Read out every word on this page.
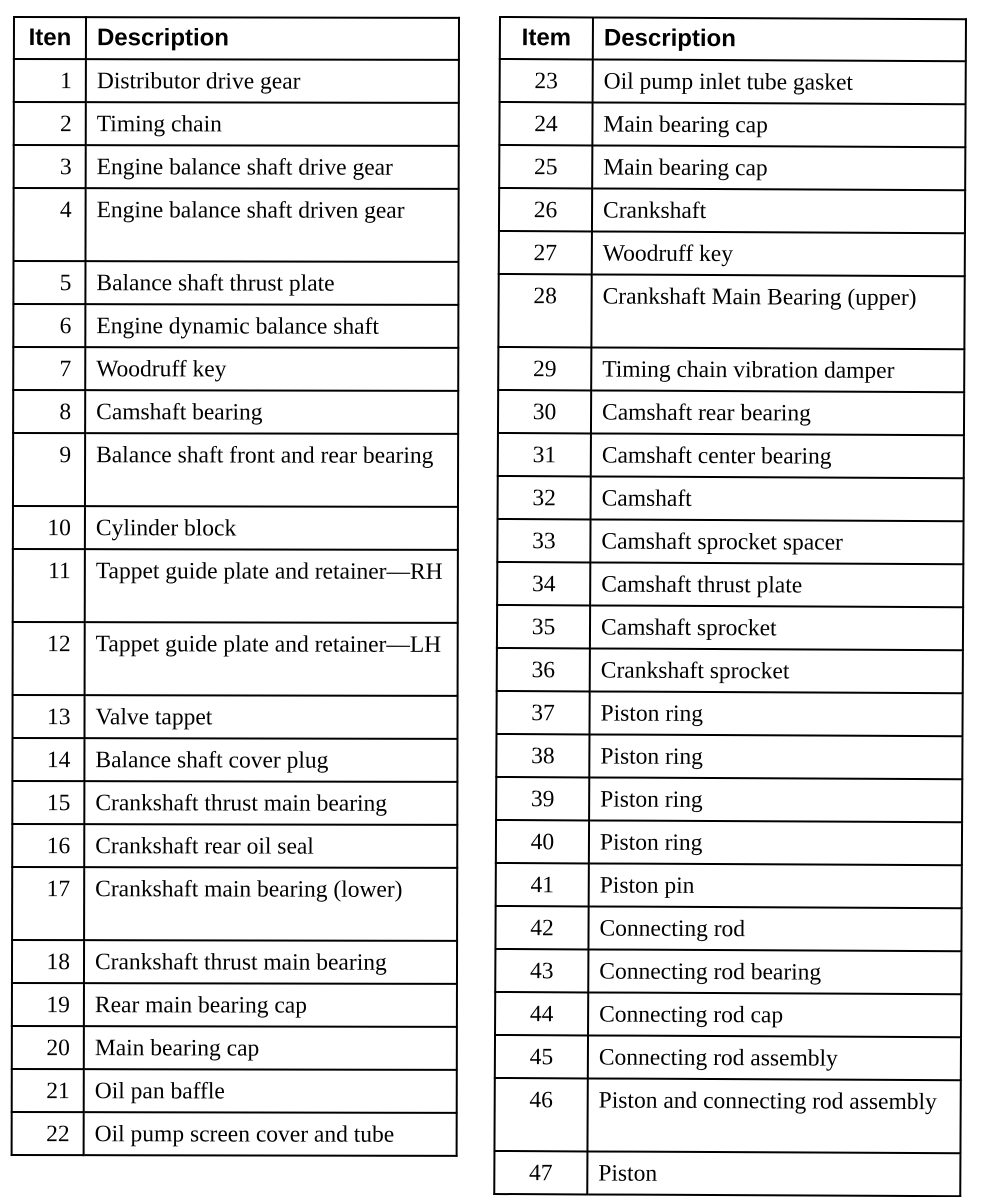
Iten	Description
1	Distributor drive gear
2	Timing chain
3	Engine balance shaft drive gear
4	Engine balance shaft driven gear
5	Balance shaft thrust plate
6	Engine dynamic balance shaft
7	Woodruff key
8	Camshaft bearing
9	Balance shaft front and rear bearing
10	Cylinder block
11	Tappet guide plate and retainer—RH
12	Tappet guide plate and retainer—LH
13	Valve tappet
14	Balance shaft cover plug
15	Crankshaft thrust main bearing
16	Crankshaft rear oil seal
17	Crankshaft main bearing (lower)
18	Crankshaft thrust main bearing
19	Rear main bearing cap
20	Main bearing cap
21	Oil pan baffle
22	Oil pump screen cover and tube
Item	Description
23	Oil pump inlet tube gasket
24	Main bearing cap
25	Main bearing cap
26	Crankshaft
27	Woodruff key
28	Crankshaft Main Bearing (upper)
29	Timing chain vibration damper
30	Camshaft rear bearing
31	Camshaft center bearing
32	Camshaft
33	Camshaft sprocket spacer
34	Camshaft thrust plate
35	Camshaft sprocket
36	Crankshaft sprocket
37	Piston ring
38	Piston ring
39	Piston ring
40	Piston ring
41	Piston pin
42	Connecting rod
43	Connecting rod bearing
44	Connecting rod cap
45	Connecting rod assembly
46	Piston and connecting rod assembly
47	Piston
